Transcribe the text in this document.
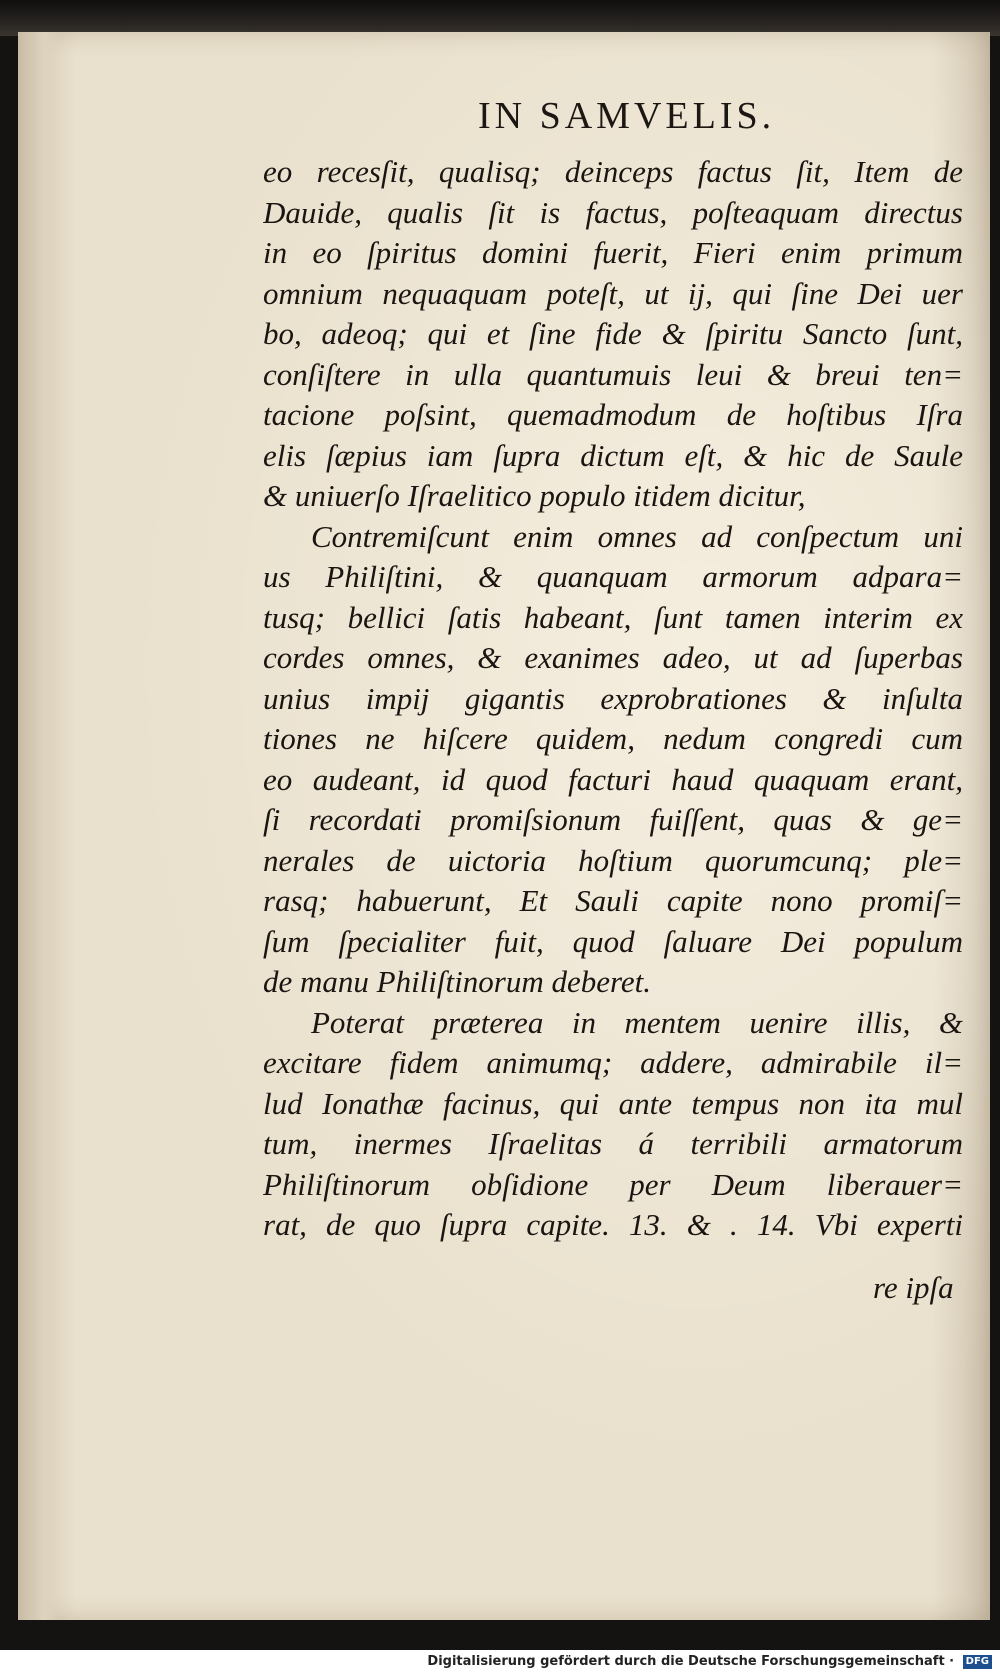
IN SAMVELIS.
eo recesſit, qualisq; deinceps factus ſit, Item de
Dauide, qualis ſit is factus, poſteaquam directus
in eo ſpiritus domini fuerit, Fieri enim primum
omnium nequaquam poteſt, ut ij, qui ſine Dei uer
bo, adeoq; qui et ſine fide & ſpiritu Sancto ſunt,
conſiſtere in ulla quantumuis leui & breui ten=
tacione poſsint, quemadmodum de hoſtibus Iſra
elis ſæpius iam ſupra dictum eſt, & hic de Saule
& uniuerſo Iſraelitico populo itidem dicitur,
Contremiſcunt enim omnes ad conſpectum uni
us Philiſtini, & quanquam armorum adpara=
tusq; bellici ſatis habeant, ſunt tamen interim ex
cordes omnes, & exanimes adeo, ut ad ſuperbas
unius impij gigantis exprobrationes & inſulta
tiones ne hiſcere quidem, nedum congredi cum
eo audeant, id quod facturi haud quaquam erant,
ſi recordati promiſsionum fuiſſent, quas & ge=
nerales de uictoria hoſtium quorumcunq; ple=
rasq; habuerunt, Et Sauli capite nono promiſ=
ſum ſpecialiter fuit, quod ſaluare Dei populum
de manu Philiſtinorum deberet.
Poterat præterea in mentem uenire illis, &
excitare fidem animumq; addere, admirabile il=
lud Ionathæ facinus, qui ante tempus non ita mul
tum, inermes Iſraelitas á terribili armatorum
Philiſtinorum obſidione per Deum liberauer=
rat, de quo ſupra capite. 13. & . 14. Vbi experti
re ipſa
Digitalisierung gefördert durch die Deutsche Forschungsgemeinschaft · DFG
